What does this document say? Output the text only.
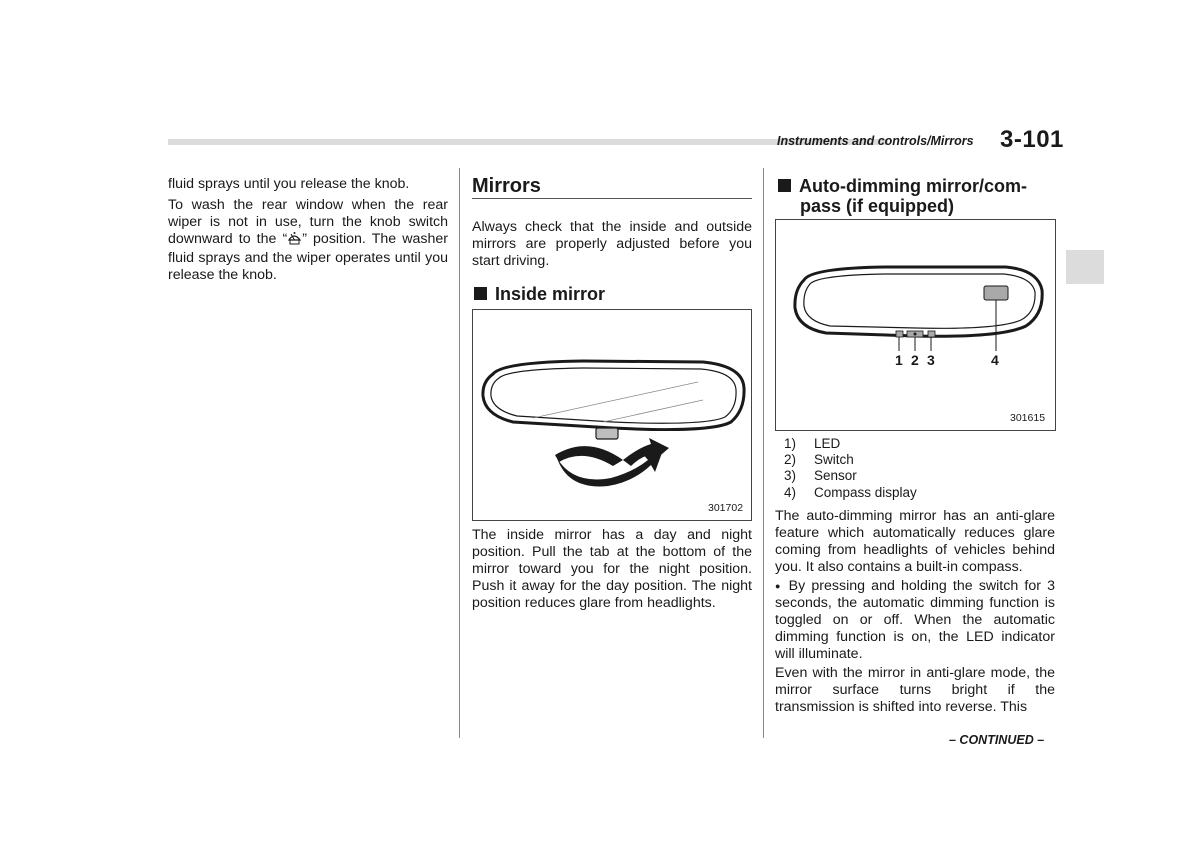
Instruments and controls/Mirrors 3-101

fluid sprays until you release the knob.

To wash the rear window when the rear wiper is not in use, turn the knob switch downward to the “ ” position. The washer fluid sprays and the wiper operates until you release the knob.

Mirrors
Always check that the inside and outside mirrors are properly adjusted before you start driving.
Inside mirror
301702
The inside mirror has a day and night position. Pull the tab at the bottom of the mirror toward you for the night position. Push it away for the day position. The night position reduces glare from headlights.
Auto-dimming mirror/com-
pass (if equipped)
1 2 3	4
301615
1) LED
2) Switch
3) Sensor
4) Compass display

The auto-dimming mirror has an anti-glare feature which automatically reduces glare coming from headlights of vehicles behind you. It also contains a built-in compass.

● By pressing and holding the switch for 3 seconds, the automatic dimming function is toggled on or off. When the automatic dimming function is on, the LED indicator will illuminate.

Even with the mirror in anti-glare mode, the mirror surface turns bright if the transmission is shifted into reverse. This

– CONTINUED –
